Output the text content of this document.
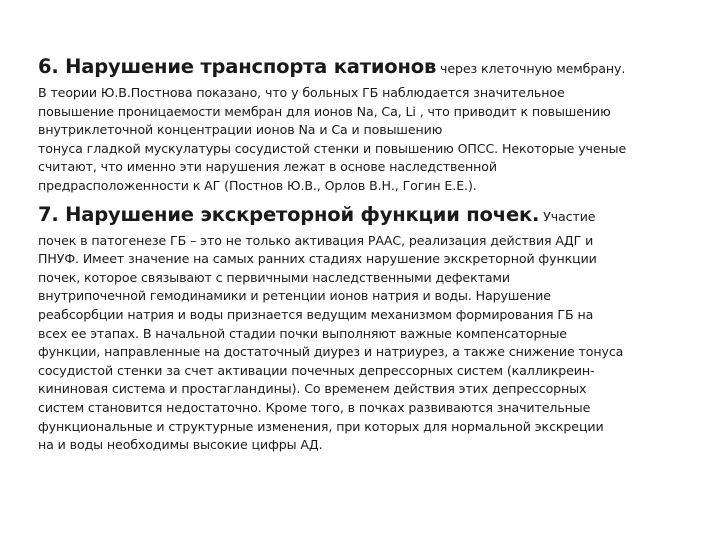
6. Нарушение транспорта катионов через клеточную мембрану.
В теории Ю.В.Постнова показано, что у больных ГБ наблюдается значительное
повышение проницаемости мембран для ионов Na, Ca, Li , что приводит к повышению
внутриклеточной концентрации ионов Na и Ca и повышению
тонуса гладкой мускулатуры сосудистой стенки и повышению ОПСС. Некоторые ученые
считают, что именно эти нарушения лежат в основе наследственной
предрасположенности к АГ (Постнов Ю.В., Орлов В.Н., Гогин Е.Е.).
7. Нарушение экскреторной функции почек. Участие
почек в патогенезе ГБ – это не только активация РААС, реализация действия АДГ и
ПНУФ. Имеет значение на самых ранних стадиях нарушение экскреторной функции
почек, которое связывают с первичными наследственными дефектами
внутрипочечной гемодинамики и ретенции ионов натрия и воды. Нарушение
реабсорбции натрия и воды признается ведущим механизмом формирования ГБ на
всех ее этапах. В начальной стадии почки выполняют важные компенсаторные
функции, направленные на достаточный диурез и натриурез, а также снижение тонуса
сосудистой стенки за счет активации почечных депрессорных систем (калликреин-
кининовая система и простагландины). Со временем действия этих депрессорных
систем становится недостаточно. Кроме того, в почках развиваются значительные
функциональные и структурные изменения, при которых для нормальной экскреции
на и воды необходимы высокие цифры АД.
